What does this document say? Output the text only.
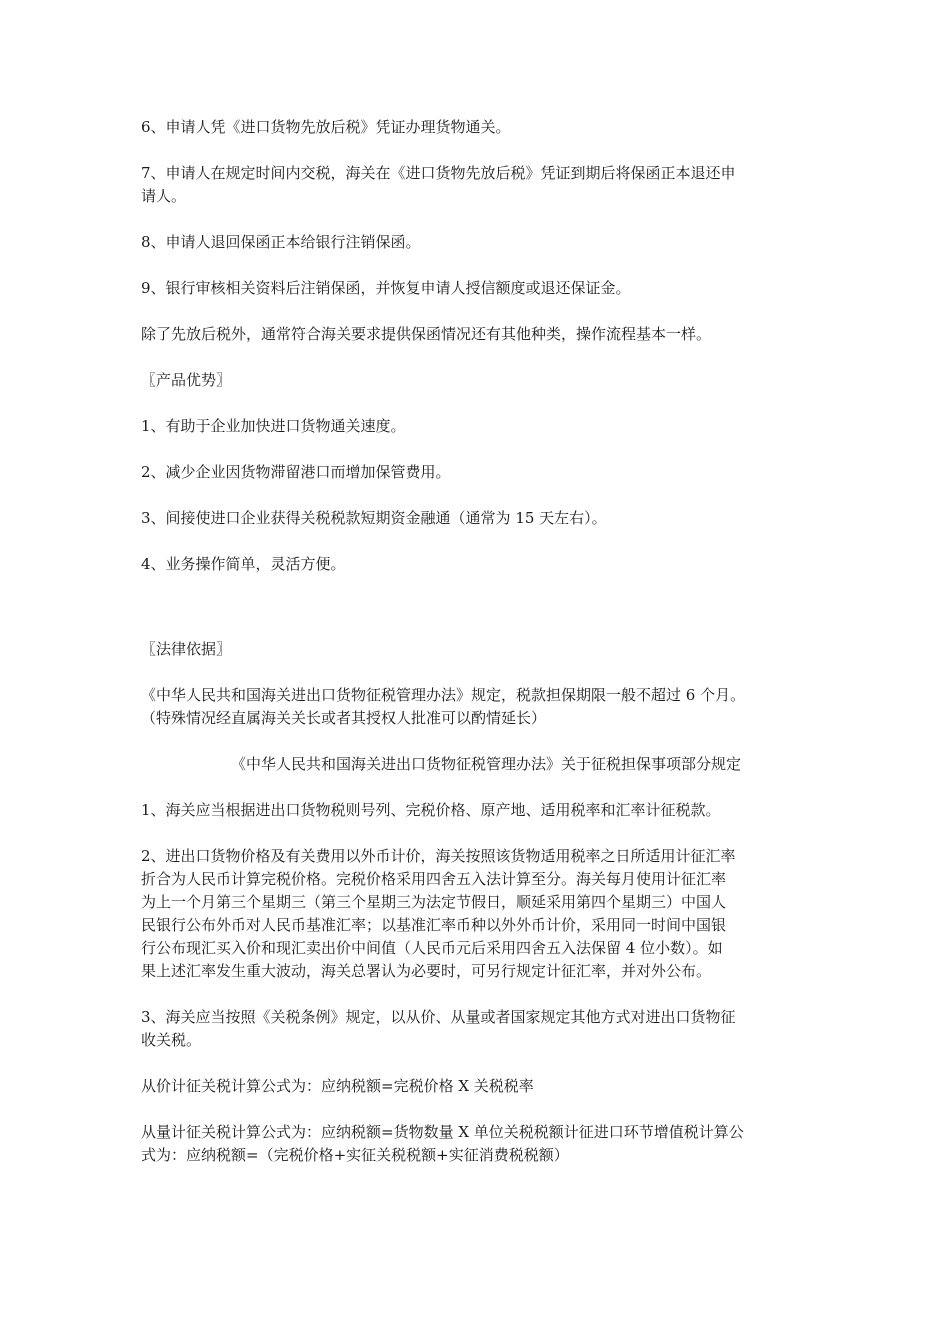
6、申请人凭《进口货物先放后税》凭证办理货物通关。

7、申请人在规定时间内交税，海关在《进口货物先放后税》凭证到期后将保函正本退还申
请人。

8、申请人退回保函正本给银行注销保函。

9、银行审核相关资料后注销保函，并恢复申请人授信额度或退还保证金。

除了先放后税外，通常符合海关要求提供保函情况还有其他种类，操作流程基本一样。

〖产品优势〗

1、有助于企业加快进口货物通关速度。

2、减少企业因货物滞留港口而增加保管费用。

3、间接使进口企业获得关税税款短期资金融通（通常为 15 天左右）。

4、业务操作简单，灵活方便。

〖法律依据〗

《中华人民共和国海关进出口货物征税管理办法》规定，税款担保期限一般不超过 6 个月。
（特殊情况经直属海关关长或者其授权人批准可以酌情延长）

《中华人民共和国海关进出口货物征税管理办法》关于征税担保事项部分规定

1、海关应当根据进出口货物税则号列、完税价格、原产地、适用税率和汇率计征税款。

2、进出口货物价格及有关费用以外币计价，海关按照该货物适用税率之日所适用计征汇率
折合为人民币计算完税价格。完税价格采用四舍五入法计算至分。海关每月使用计征汇率
为上一个月第三个星期三（第三个星期三为法定节假日，顺延采用第四个星期三）中国人
民银行公布外币对人民币基准汇率；以基准汇率币种以外外币计价，采用同一时间中国银
行公布现汇买入价和现汇卖出价中间值（人民币元后采用四舍五入法保留 4 位小数）。如
果上述汇率发生重大波动，海关总署认为必要时，可另行规定计征汇率，并对外公布。

3、海关应当按照《关税条例》规定，以从价、从量或者国家规定其他方式对进出口货物征
收关税。

从价计征关税计算公式为：应纳税额=完税价格 X 关税税率

从量计征关税计算公式为：应纳税额=货物数量 X 单位关税税额计征进口环节增值税计算公
式为：应纳税额=（完税价格+实征关税税额+实征消费税税额）
